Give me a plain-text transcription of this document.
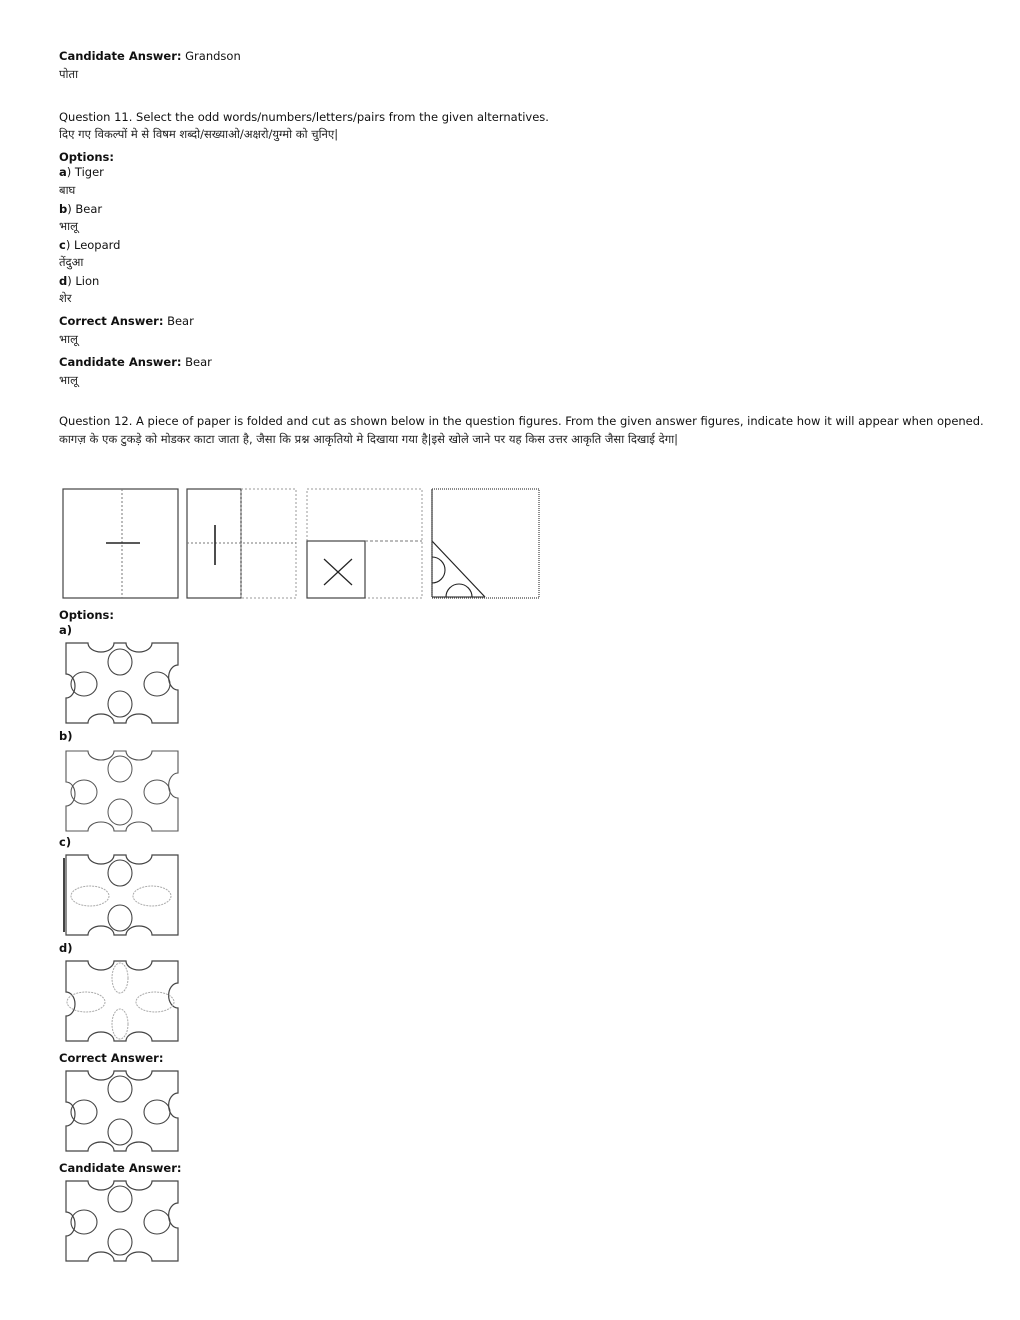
Candidate Answer: Grandson
पोता
Question 11. Select the odd words/numbers/letters/pairs from the given alternatives.
दिए गए विकल्पों मे से विषम शब्दो/सख्याओ/अक्षरो/युग्मो को चुनिए|
Options:
a) Tiger
बाघ
b) Bear
भालू
c) Leopard
तेंदुआ
d) Lion
शेर
Correct Answer: Bear
भालू
Candidate Answer: Bear
भालू
Question 12. A piece of paper is folded and cut as shown below in the question figures. From the given answer figures, indicate how it will appear when opened.
कागज़ के एक टुकड़े को मोडकर काटा जाता है, जैसा कि प्रश्न आकृतियो मे दिखाया गया है|इसे खोले जाने पर यह किस उत्तर आकृति जैसा दिखाई देगा|
Options:
a)
b)
c)
d)
Correct Answer:
Candidate Answer:
